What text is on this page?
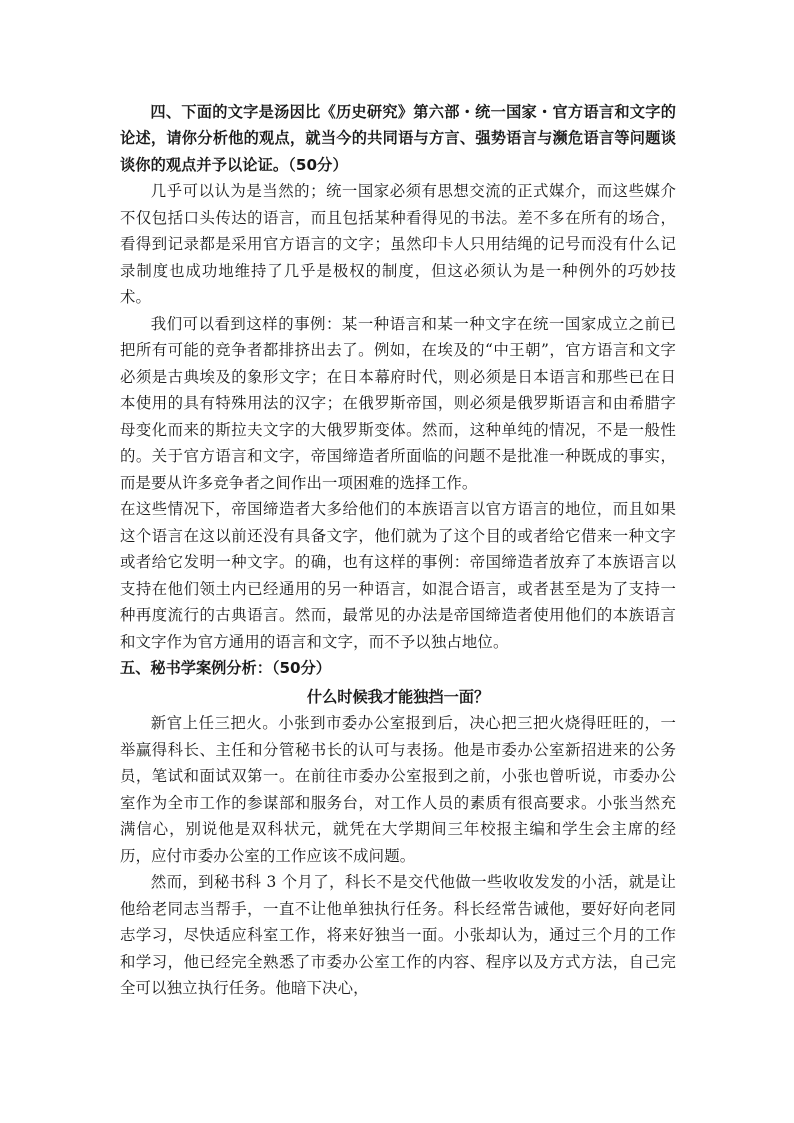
四、下面的文字是汤因比《历史研究》第六部・统一国家・官方语言和文字的论述，请你分析他的观点，就当今的共同语与方言、强势语言与濒危语言等问题谈谈你的观点并予以论证。（50分）

几乎可以认为是当然的；统一国家必须有思想交流的正式媒介，而这些媒介不仅包括口头传达的语言，而且包括某种看得见的书法。差不多在所有的场合，看得到记录都是采用官方语言的文字；虽然印卡人只用结绳的记号而没有什么记录制度也成功地维持了几乎是极权的制度，但这必须认为是一种例外的巧妙技术。

我们可以看到这样的事例：某一种语言和某一种文字在统一国家成立之前已把所有可能的竞争者都排挤出去了。例如，在埃及的“中王朝”，官方语言和文字必须是古典埃及的象形文字；在日本幕府时代，则必须是日本语言和那些已在日本使用的具有特殊用法的汉字；在俄罗斯帝国，则必须是俄罗斯语言和由希腊字母变化而来的斯拉夫文字的大俄罗斯变体。然而，这种单纯的情况，不是一般性的。关于官方语言和文字，帝国缔造者所面临的问题不是批准一种既成的事实，而是要从许多竞争者之间作出一项困难的选择工作。

在这些情况下，帝国缔造者大多给他们的本族语言以官方语言的地位，而且如果这个语言在这以前还没有具备文字，他们就为了这个目的或者给它借来一种文字或者给它发明一种文字。的确，也有这样的事例：帝国缔造者放弃了本族语言以支持在他们领土内已经通用的另一种语言，如混合语言，或者甚至是为了支持一种再度流行的古典语言。然而，最常见的办法是帝国缔造者使用他们的本族语言和文字作为官方通用的语言和文字，而不予以独占地位。

五、秘书学案例分析：（50分）

什么时候我才能独挡一面？

新官上任三把火。小张到市委办公室报到后，决心把三把火烧得旺旺的，一举赢得科长、主任和分管秘书长的认可与表扬。他是市委办公室新招进来的公务员，笔试和面试双第一。在前往市委办公室报到之前，小张也曾听说，市委办公室作为全市工作的参谋部和服务台，对工作人员的素质有很高要求。小张当然充满信心，别说他是双科状元，就凭在大学期间三年校报主编和学生会主席的经历，应付市委办公室的工作应该不成问题。

然而，到秘书科 3 个月了，科长不是交代他做一些收收发发的小活，就是让他给老同志当帮手，一直不让他单独执行任务。科长经常告诫他，要好好向老同志学习，尽快适应科室工作，将来好独当一面。小张却认为，通过三个月的工作和学习，他已经完全熟悉了市委办公室工作的内容、程序以及方式方法，自己完全可以独立执行任务。他暗下决心，
